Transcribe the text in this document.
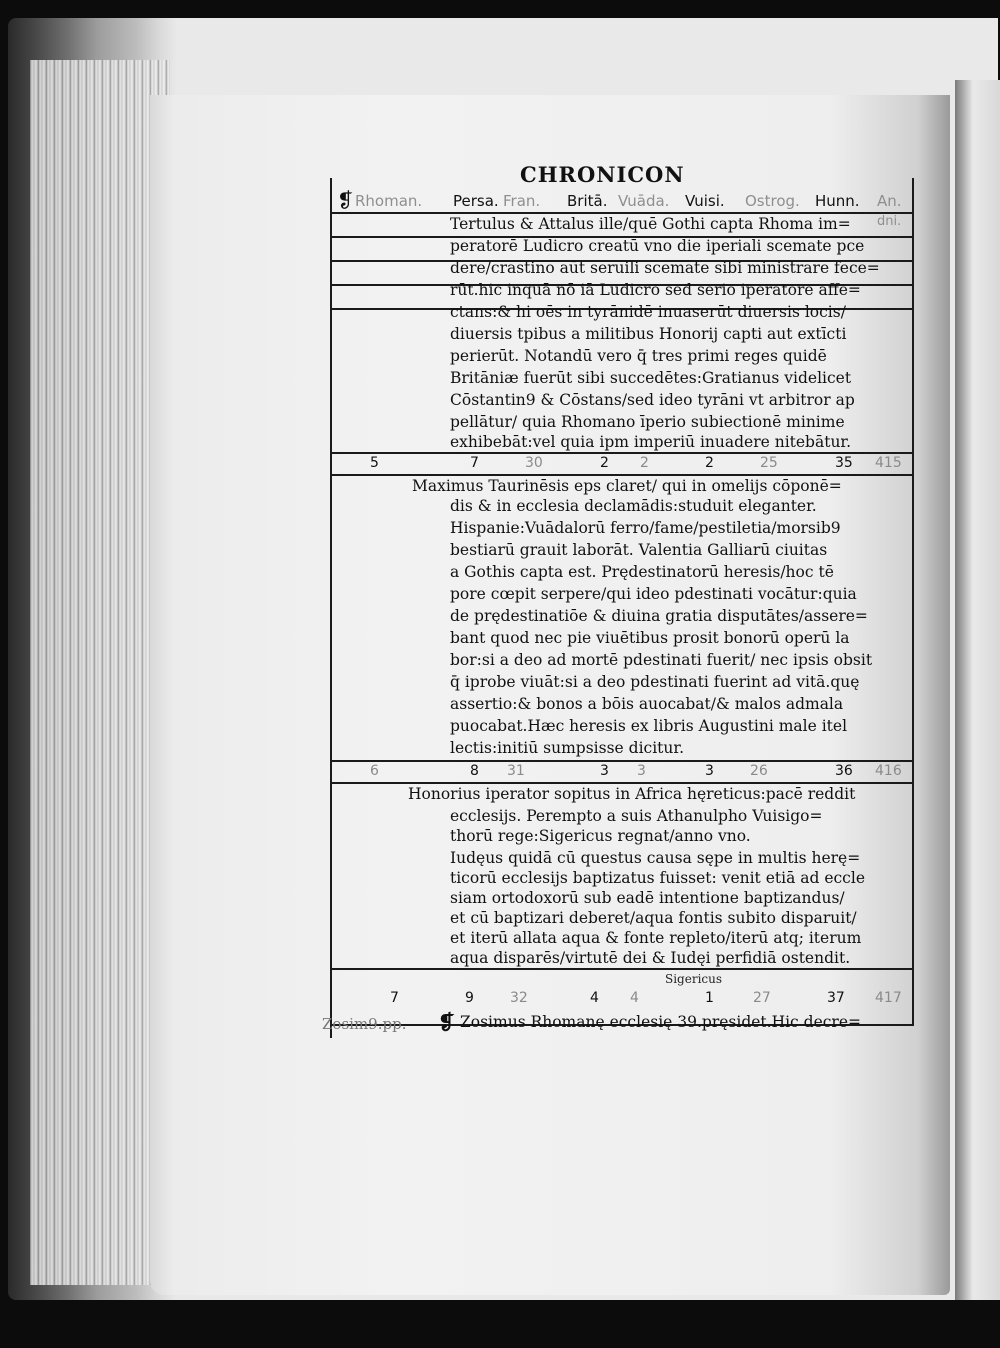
CHRONICON
❡ Rhoman. Persa. Fran. Britā. Vuāda. Vuisi. Ostrog. Hunn. An.
dni.
Tertulus & Attalus ille/quē Gothi capta Rhoma im=
peratorē Ludicro creatū vno die iperiali scemate pce
dere/crastino aūt seruili scemate sibi ministrare fece=
rūt.hic inquā nō iā Ludicro sed serio iperatore affe=
ctans:& hi oēs in tyrānidē inuaserūt diuersis locis/
diuersis tpibus a militibus Honorij capti aut extīcti
perierūt. Notandū vero q̄ tres primi reges quidē
Britāniæ fuerūt sibi succedētes:Gratianus videlicet
Cōstantin9 & Cōstans/sed ideo tyrāni vt arbitror ap
pellātur/ quia Rhomano īperio subiectionē minime
exhibebāt:vel quia ipm imperiū inuadere nitebātur.
5	7	30	2 2	2	25	35 415
Maximus Taurinēsis eps claret/ qui in omelijs cōponē=
dis & in ecclesia declamādis:studuit eleganter.
Hispanie:Vuādalorū ferro/fame/pestiletia/morsib9
bestiarū grauit laborāt. Valentia Galliarū ciuitas
a Gothis capta est. Prędestinatorū heresis/hoc tē
pore cœpit serpere/qui ideo pdestinati vocātur:quia
de prędestinatiōe & diuina gratia disputātes/assere=
bant quod nec pie viuētibus prosit bonorū operū la
bor:si a deo ad mortē pdestinati fuerit/ nec ipsis obsit
q̄ iprobe viuāt:si a deo pdestinati fuerint ad vitā.quę
assertio:& bonos a bōis auocabat/& malos admala
puocabat.Hæc heresis ex libris Augustini male itel
lectis:initiū sumpsisse dicitur.
6	8 31	3 3	3	26	36 416
Honorius iperator sopitus in Africa hęreticus:pacē reddit
ecclesijs. Perempto a suis Athanulpho Vuisigo=
thorū rege:Sigericus regnat/anno vno.
Iudęus quidā cū questus causa sępe in multis herę=
ticorū ecclesijs baptizatus fuisset: venit etiā ad eccle
siam ortodoxorū sub eadē intentione baptizandus/
et cū baptizari deberet/aqua fontis subito disparuit/
et iterū allata aqua & fonte repleto/iterū atq; iterum
aqua disparēs/virtutē dei & Iudęi perfidiā ostendit.
Sigericus
7	9	32	4 4	1	27	37 417
Zosim9.pp. ❡ Zosimus Rhomanę ecclesię 39.pręsidet.Hic decre=
